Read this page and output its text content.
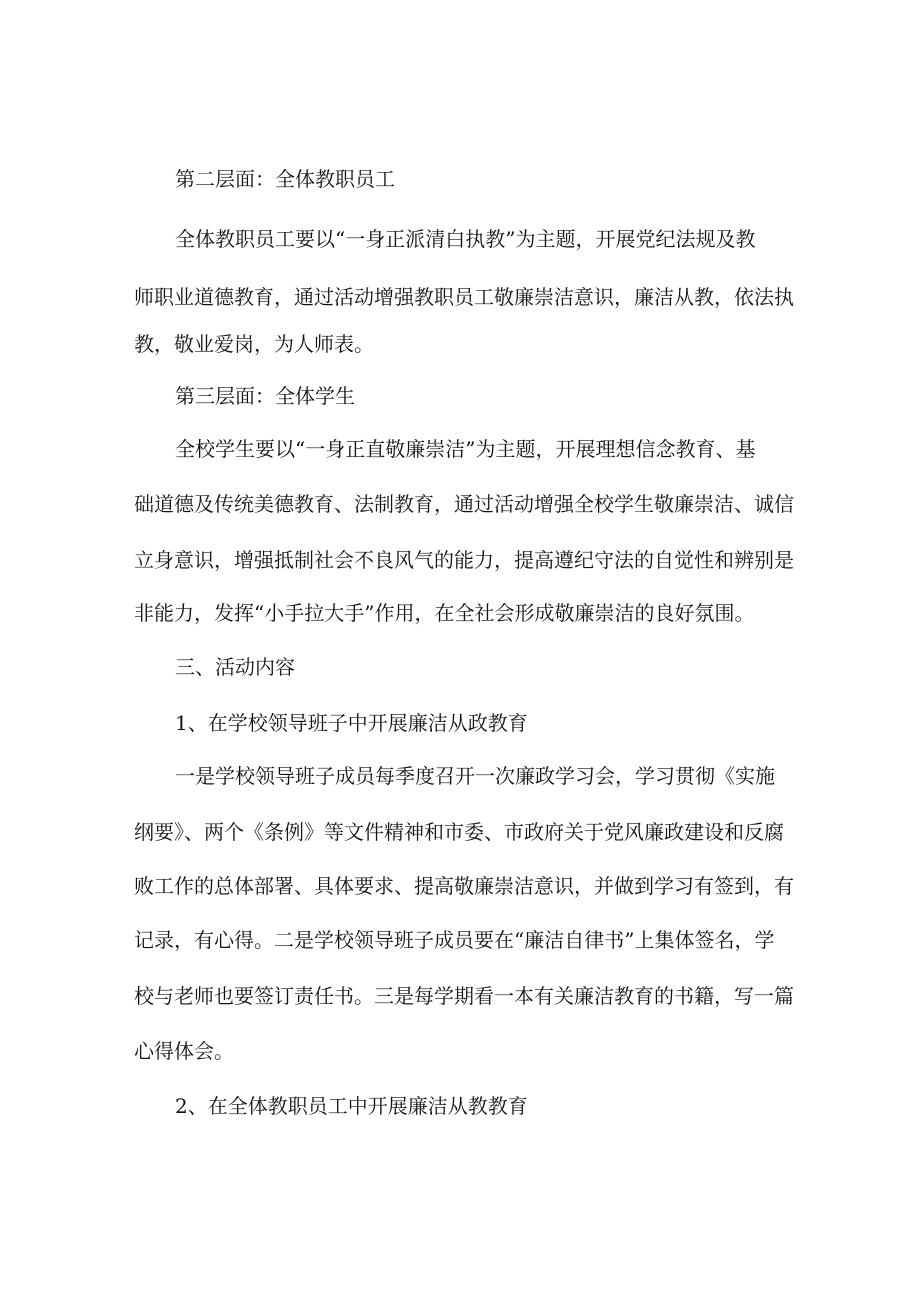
第二层面：全体教职员工

全体教职员工要以“一身正派清白执教”为主题，开展党纪法规及教

师职业道德教育，通过活动增强教职员工敬廉崇洁意识，廉洁从教，依法执

教，敬业爱岗，为人师表。

第三层面：全体学生

全校学生要以“一身正直敬廉崇洁”为主题，开展理想信念教育、基

础道德及传统美德教育、法制教育，通过活动增强全校学生敬廉崇洁、诚信

立身意识，增强抵制社会不良风气的能力，提高遵纪守法的自觉性和辨别是

非能力，发挥“小手拉大手”作用，在全社会形成敬廉崇洁的良好氛围。

三、活动内容

1、在学校领导班子中开展廉洁从政教育

一是学校领导班子成员每季度召开一次廉政学习会，学习贯彻《实施

纲要》、两个《条例》等文件精神和市委、市政府关于党风廉政建设和反腐

败工作的总体部署、具体要求、提高敬廉崇洁意识，并做到学习有签到，有

记录，有心得。二是学校领导班子成员要在“廉洁自律书”上集体签名，学

校与老师也要签订责任书。三是每学期看一本有关廉洁教育的书籍，写一篇

心得体会。

2、在全体教职员工中开展廉洁从教教育
